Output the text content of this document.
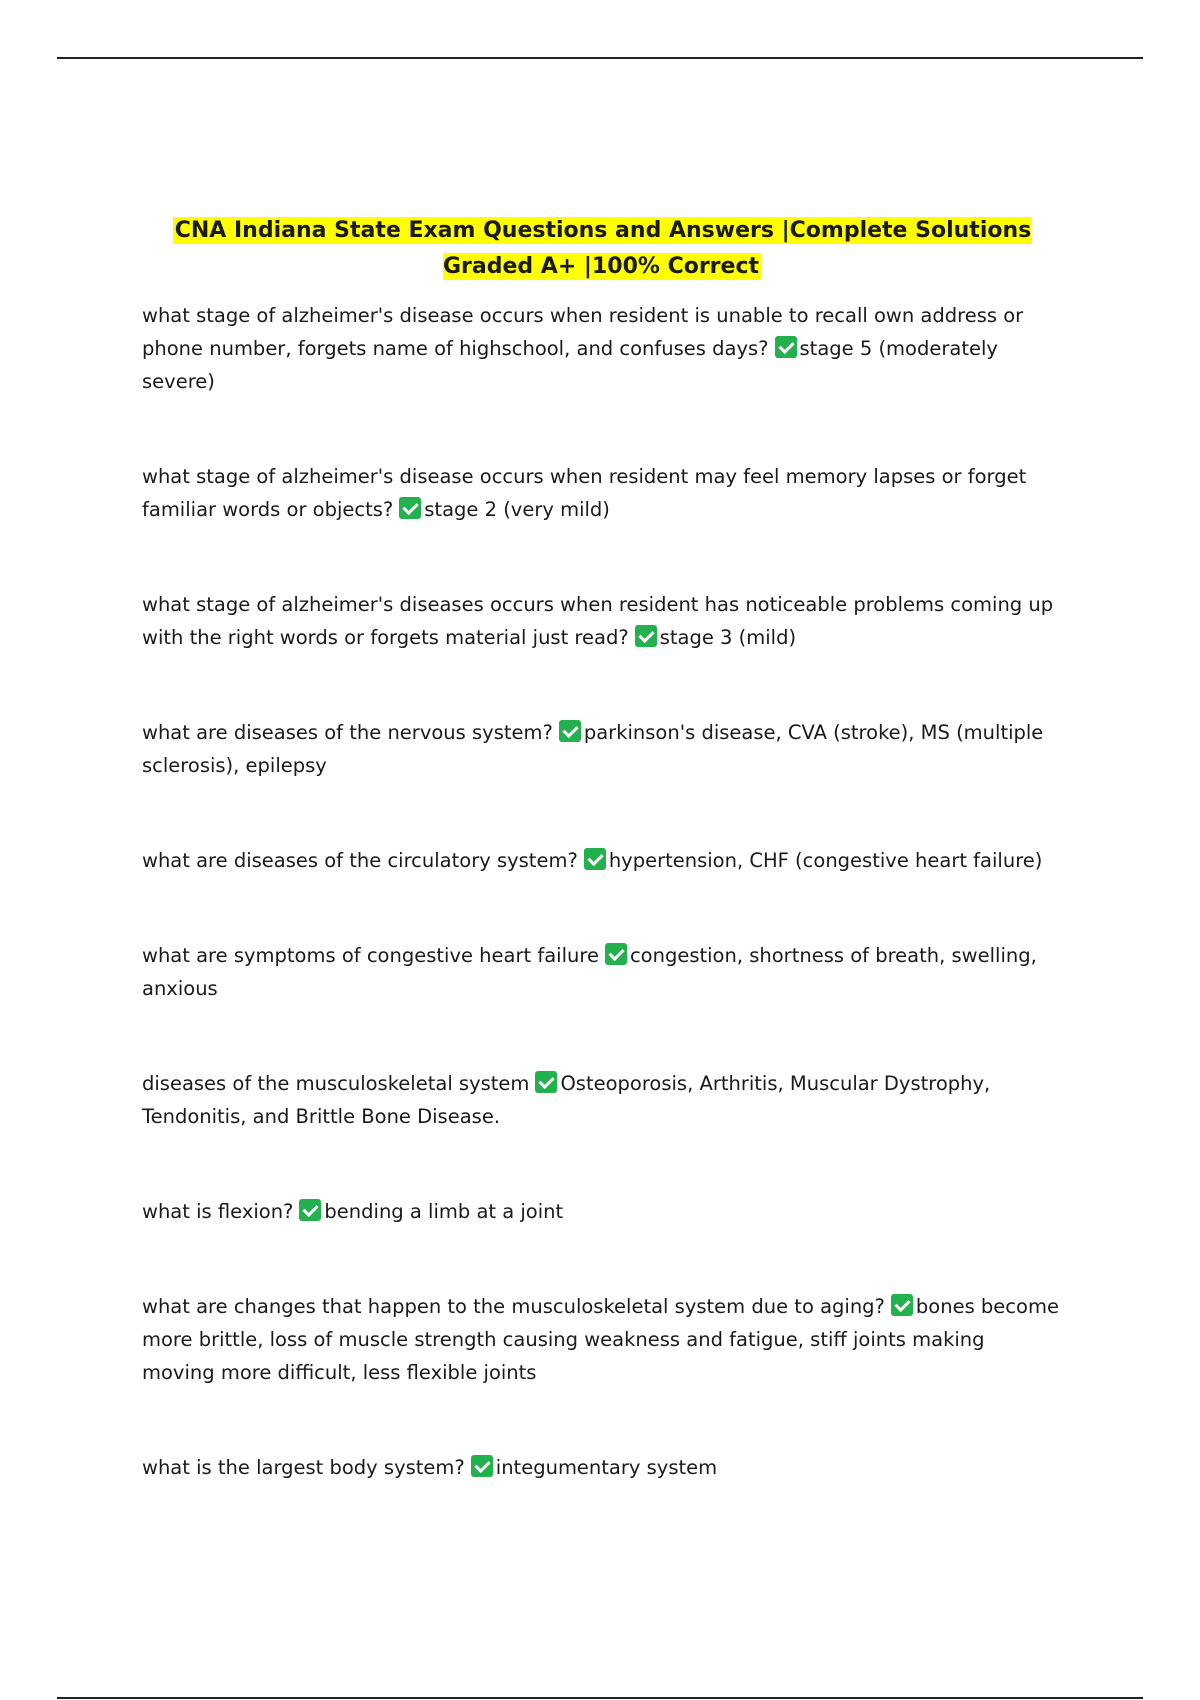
CNA Indiana State Exam Questions and Answers |Complete Solutions Graded A+ |100% Correct

what stage of alzheimer's disease occurs when resident is unable to recall own address or phone number, forgets name of highschool, and confuses days? stage 5 (moderately severe)

what stage of alzheimer's disease occurs when resident may feel memory lapses or forget familiar words or objects? stage 2 (very mild)

what stage of alzheimer's diseases occurs when resident has noticeable problems coming up with the right words or forgets material just read? stage 3 (mild)

what are diseases of the nervous system? parkinson's disease, CVA (stroke), MS (multiple sclerosis), epilepsy

what are diseases of the circulatory system? hypertension, CHF (congestive heart failure)

what are symptoms of congestive heart failure congestion, shortness of breath, swelling, anxious

diseases of the musculoskeletal system Osteoporosis, Arthritis, Muscular Dystrophy, Tendonitis, and Brittle Bone Disease.

what is flexion? bending a limb at a joint

what are changes that happen to the musculoskeletal system due to aging? bones become more brittle, loss of muscle strength causing weakness and fatigue, stiff joints making moving more difficult, less flexible joints

what is the largest body system? integumentary system
